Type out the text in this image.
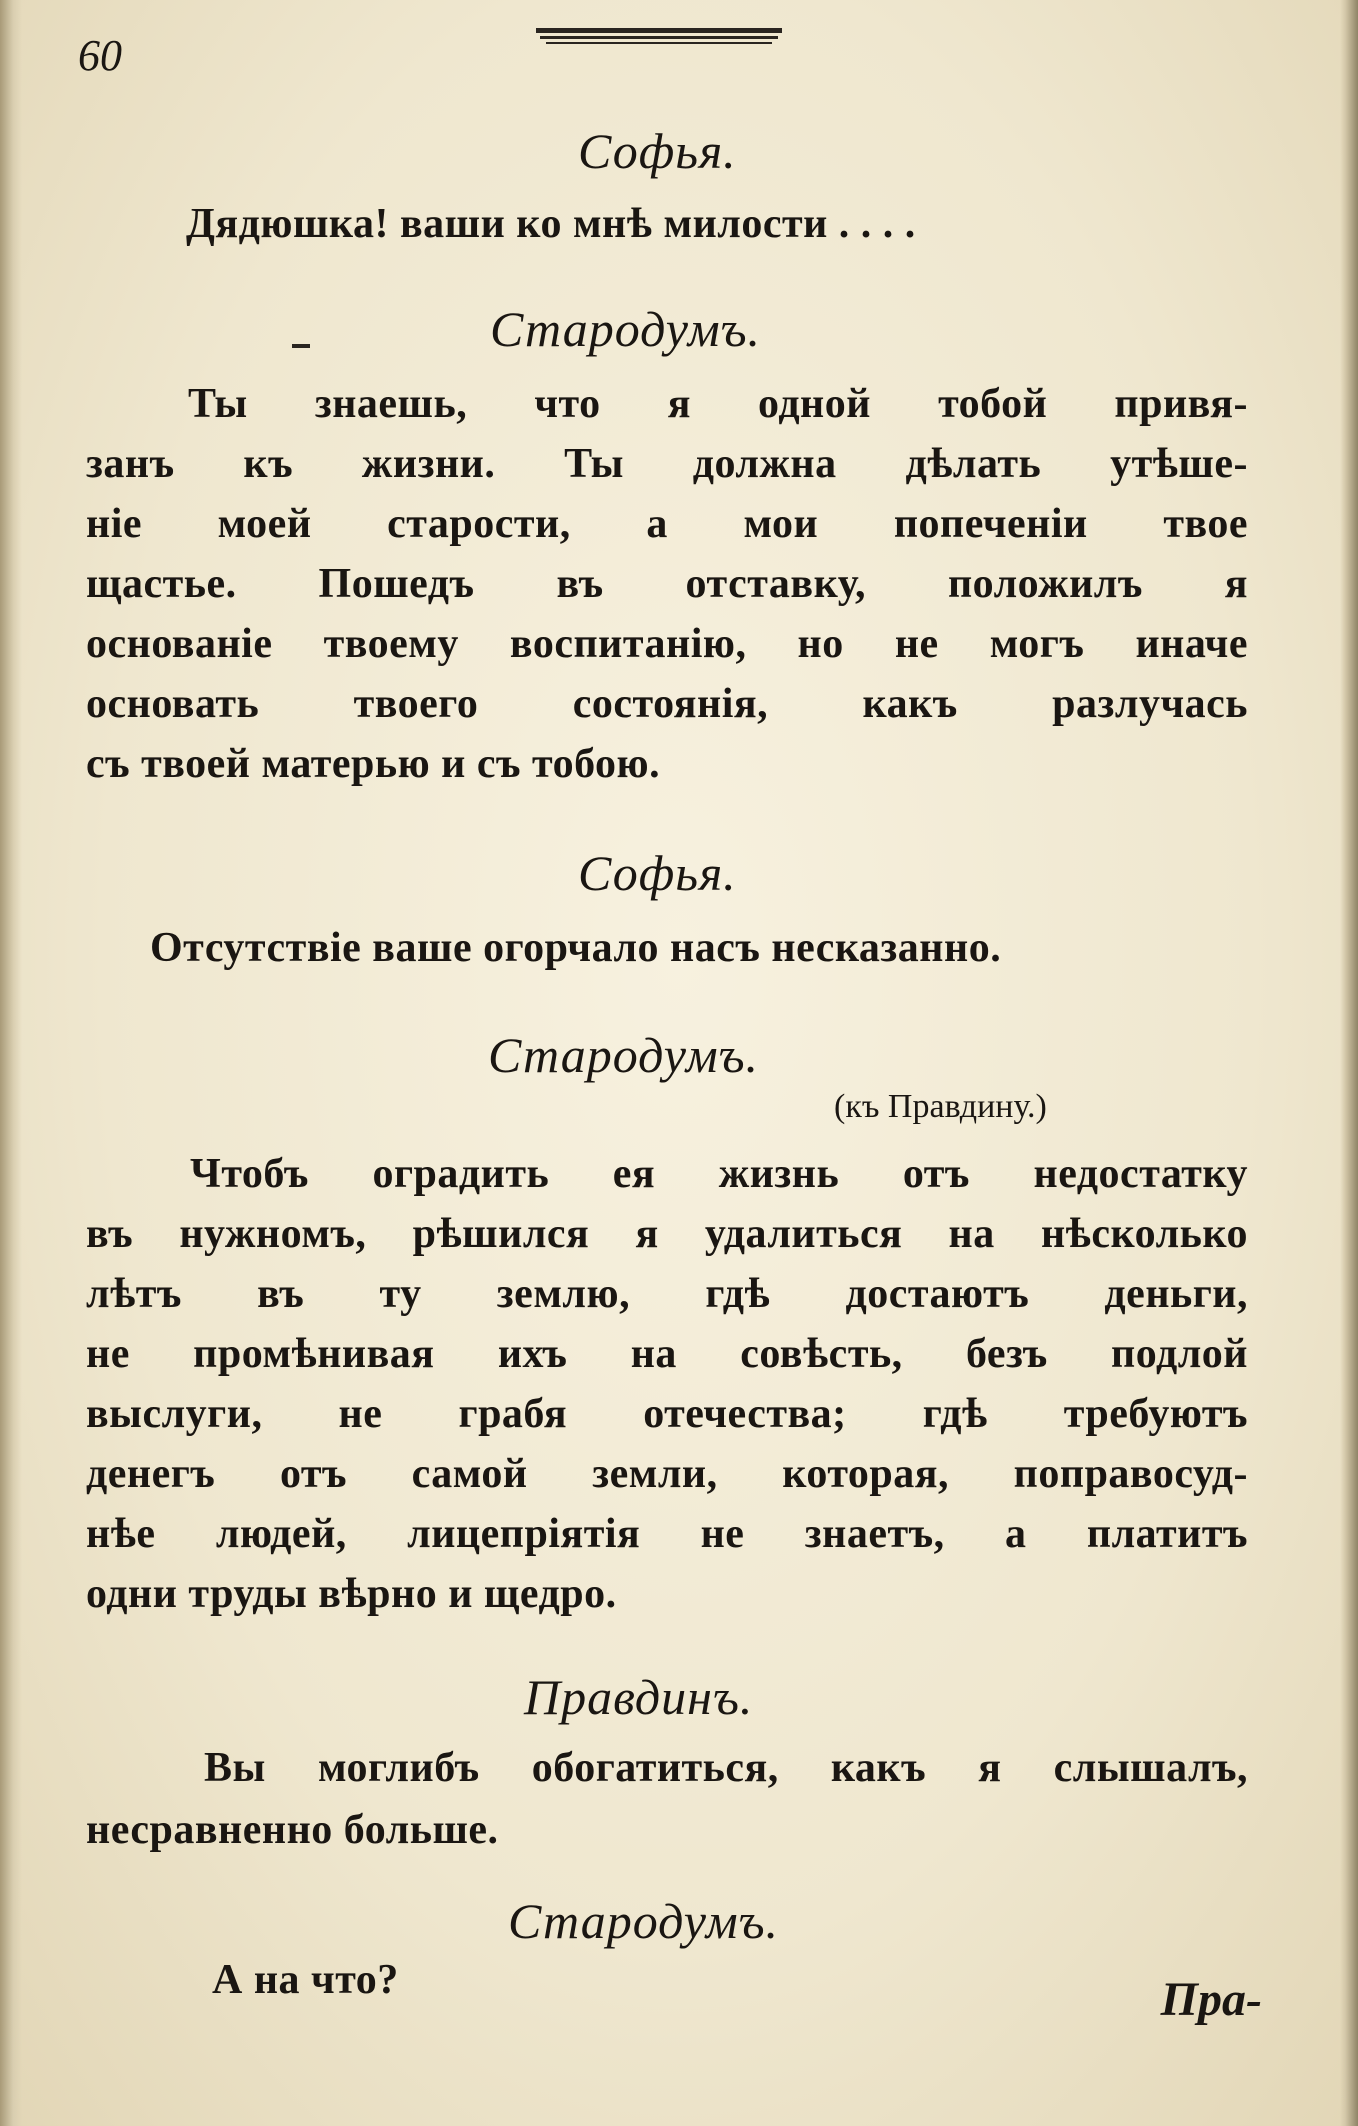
60
Софья.
Дядюшка! ваши ко мнѣ милости . . . .
Стародумъ.
Ты знаешь, что я одной тобой привя-
занъ къ жизни. Ты должна дѣлать утѣше-
ніе моей старости, а мои попеченіи твое
щастье. Пошедъ въ отставку, положилъ я
основаніе твоему воспитанію, но не могъ иначе
основать твоего состоянія, какъ разлучась
съ твоей матерью и съ тобою.
Софья.
Отсутствіе ваше огорчало насъ несказанно.
Стародумъ.
(къ Правдину.)
Чтобъ оградить ея жизнь отъ недостатку
въ нужномъ, рѣшился я удалиться на нѣсколько
лѣтъ въ ту землю, гдѣ достаютъ деньги,
не промѣнивая ихъ на совѣсть, безъ подлой
выслуги, не грабя отечества; гдѣ требуютъ
денегъ отъ самой земли, которая, поправосуд-
нѣе людей, лицепріятія не знаетъ, а платитъ
одни труды вѣрно и щедро.
Правдинъ.
Вы моглибъ обогатиться, какъ я слышалъ,
несравненно больше.
Стародумъ.
А на что?	Пра-
